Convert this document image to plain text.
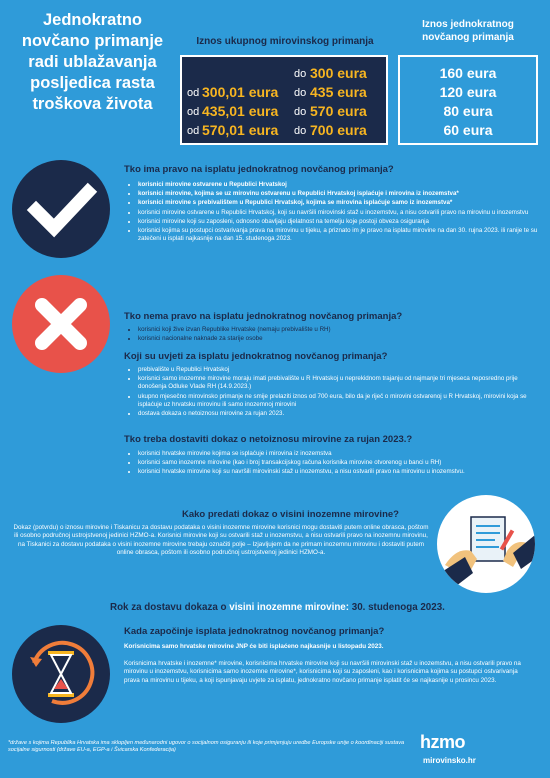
Jednokratno novčano primanje radi ublažavanja posljedica rasta troškova života
Iznos ukupnog mirovinskog primanja
Iznos jednokratnog novčanog primanja
do 300 eura
od 300,01 eura do 435 eura
od 435,01 eura do 570 eura
od 570,01 eura do 700 eura
160 eura
120 eura
80 eura
60 eura
Tko ima pravo na isplatu jednokratnog novčanog primanja?
• korisnici mirovine ostvarene u Republici Hrvatskoj
• korisnici mirovine, kojima se uz mirovinu ostvarenu u Republici Hrvatskoj isplaćuje i mirovina iz inozemstva*
• korisnici mirovine s prebivalištem u Republici Hrvatskoj, kojima se mirovina isplaćuje samo iz inozemstva*
• korisnici mirovine ostvarene u Republici Hrvatskoj, koji su navršili mirovinski staž u inozemstvu, a nisu ostvarili pravo na mirovinu u inozemstvu
• korisnici mirovine koji su zaposleni, odnosno obavljaju djelatnost na temelju koje postoji obveza osiguranja
• korisnici kojima su postupci ostvarivanja prava na mirovinu u tijeku, a priznato im je pravo na isplatu mirovine na dan 30. rujna 2023. ili ranije te su zatečeni u isplati najkasnije na dan 15. studenoga 2023.
Tko nema pravo na isplatu jednokratnog novčanog primanja?
• korisnici koji žive izvan Republike Hrvatske (nemaju prebivalište u RH)
• korisnici nacionalne naknade za starije osobe
Koji su uvjeti za isplatu jednokratnog novčanog primanja?
• prebivalište u Republici Hrvatskoj
• korisnici samo inozemne mirovine moraju imati prebivalište u R Hrvatskoj u neprekidnom trajanju od najmanje tri mjeseca neposredno prije donošenja Odluke Vlade RH (14.9.2023.)
• ukupno mjesečno mirovinsko primanje ne smije prelaziti iznos od 700 eura, bilo da je riječ o mirovini ostvarenoj u R Hrvatskoj, mirovini koja se isplaćuje uz hrvatsku mirovinu ili samo inozemnoj mirovini
• dostava dokaza o netoiznosu mirovine za rujan 2023.
Tko treba dostaviti dokaz o netoiznosu mirovine za rujan 2023.?
• korisnici hrvatske mirovine kojima se isplaćuje i mirovina iz inozemstva
• korisnici samo inozemne mirovine (kao i broj transakcijskog računa korisnika mirovine otvorenog u banci u RH)
• korisnici hrvatske mirovine koji su navršili mirovinski staž u inozemstvu, a nisu ostvarili pravo na mirovinu u inozemstvu.
Kako predati dokaz o visini inozemne mirovine?
Dokaz (potvrdu) o iznosu mirovine i Tiskanicu za dostavu podataka o visini inozemne mirovine korisnici mogu dostaviti putem online obrasca, poštom ili osobno područnoj ustrojstvenoj jedinici HZMO-a. Korisnici mirovine koji su ostvarili staž u inozemstvu, a nisu ostvarili pravo na inozemnu mirovinu, na Tiskanici za dostavu podataka o visini inozemne mirovine trebaju označiti polje – Izjavljujem da ne primam inozemnu mirovinu i dostaviti putem online obrasca, poštom ili osobno područnoj ustrojstvenoj jedinici HZMO-a.
Rok za dostavu dokaza o visini inozemne mirovine: 30. studenoga 2023.
Kada započinje isplata jednokratnog novčanog primanja?
Korisnicima samo hrvatske mirovine JNP će biti isplaćeno najkasnije u listopadu 2023.
Korisnicima hrvatske i inozemne* mirovine, korisnicima hrvatske mirovine koji su navršili mirovinski staž u inozemstvu, a nisu ostvarili pravo na mirovinu u inozemstvu, korisnicima samo inozemne mirovine*, korisnicima koji su zaposleni, kao i korisnicima kojima su postupci ostvarivanja prava na mirovinu u tijeku, a koji ispunjavaju uvjete za isplatu, jednokratno novčano primanje isplatit će se najkasnije u prosincu 2023.
*države s kojima Republika Hrvatska ima sklopljen međunarodni ugovor o socijalnom osiguranju ili koje primjenjuju uredbe Europske unije o koordinaciji sustava socijalne sigurnosti (države EU-a, EGP-a i Švicarska Konfederacija)	hzmo
mirovinsko.hr
